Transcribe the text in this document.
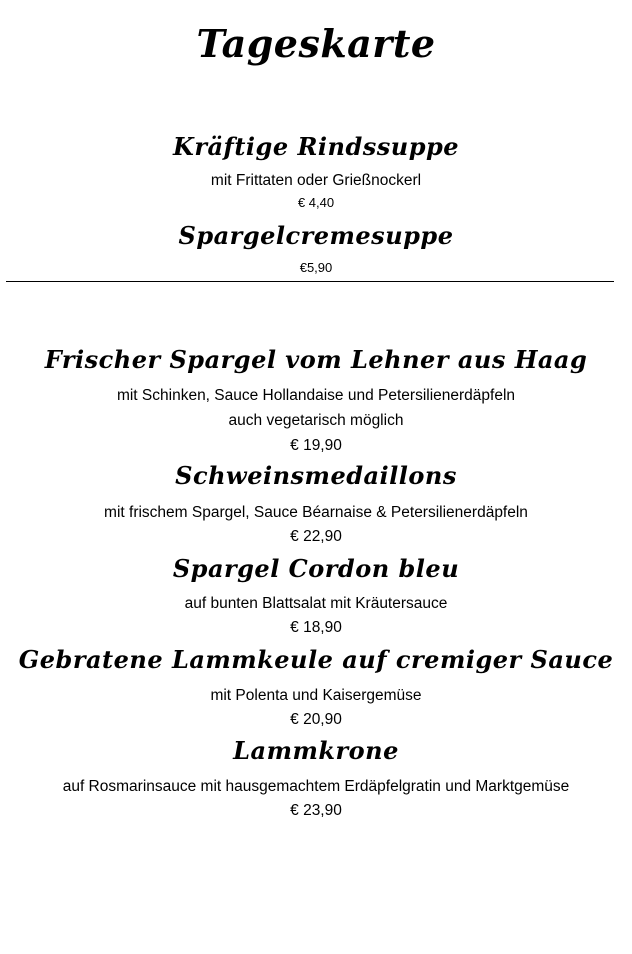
Tageskarte
Kräftige Rindssuppe
mit Frittaten oder Grießnockerl
€ 4,40
Spargelcremesuppe
€5,90
Frischer Spargel vom Lehner aus Haag
mit Schinken, Sauce Hollandaise und Petersilienerdäpfeln
auch vegetarisch möglich
€ 19,90
Schweinsmedaillons
mit frischem Spargel, Sauce Béarnaise & Petersilienerdäpfeln
€ 22,90
Spargel Cordon bleu
auf bunten Blattsalat mit Kräutersauce
€ 18,90
Gebratene Lammkeule auf cremiger Sauce
mit Polenta und Kaisergemüse
€ 20,90
Lammkrone
auf Rosmarinsauce mit hausgemachtem Erdäpfelgratin und Marktgemüse
€ 23,90
